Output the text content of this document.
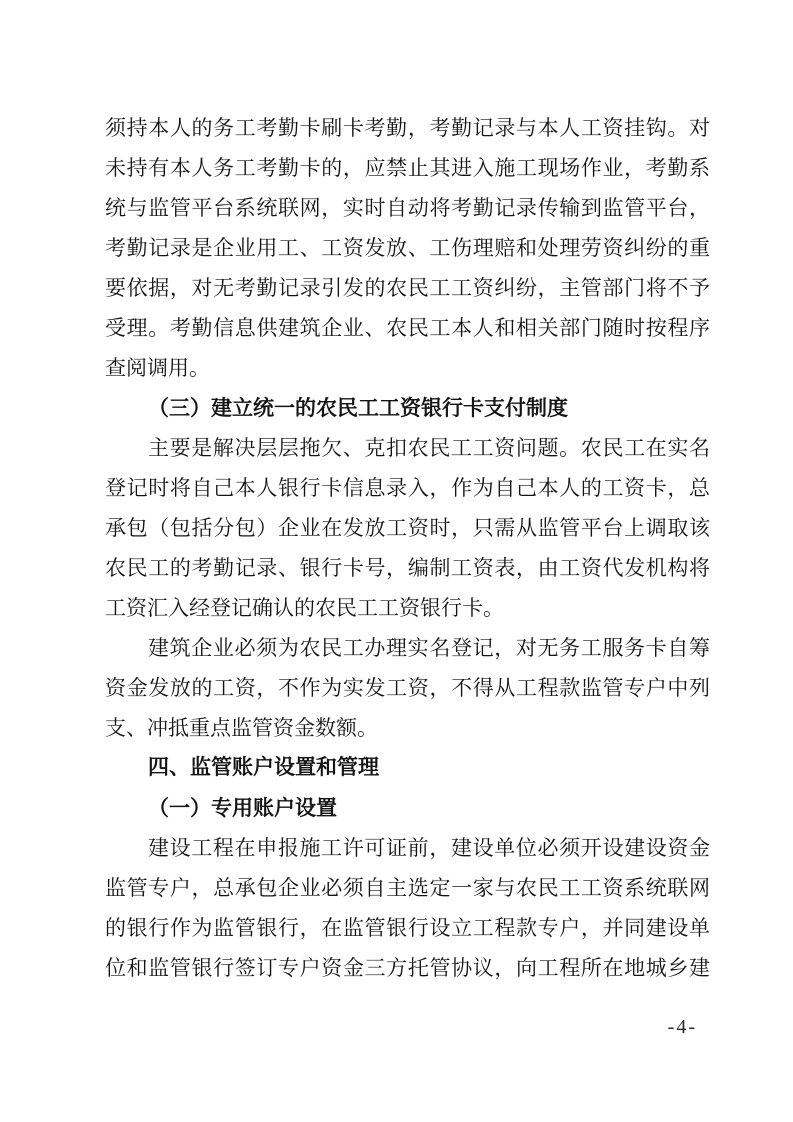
须持本人的务工考勤卡刷卡考勤，考勤记录与本人工资挂钩。对
未持有本人务工考勤卡的，应禁止其进入施工现场作业，考勤系
统与监管平台系统联网，实时自动将考勤记录传输到监管平台，
考勤记录是企业用工、工资发放、工伤理赔和处理劳资纠纷的重
要依据，对无考勤记录引发的农民工工资纠纷，主管部门将不予
受理。考勤信息供建筑企业、农民工本人和相关部门随时按程序
查阅调用。
（三）建立统一的农民工工资银行卡支付制度
主要是解决层层拖欠、克扣农民工工资问题。农民工在实名
登记时将自己本人银行卡信息录入，作为自己本人的工资卡，总
承包（包括分包）企业在发放工资时，只需从监管平台上调取该
农民工的考勤记录、银行卡号，编制工资表，由工资代发机构将
工资汇入经登记确认的农民工工资银行卡。
建筑企业必须为农民工办理实名登记，对无务工服务卡自筹
资金发放的工资，不作为实发工资，不得从工程款监管专户中列
支、冲抵重点监管资金数额。
四、监管账户设置和管理
（一）专用账户设置
建设工程在申报施工许可证前，建设单位必须开设建设资金
监管专户，总承包企业必须自主选定一家与农民工工资系统联网
的银行作为监管银行，在监管银行设立工程款专户，并同建设单
位和监管银行签订专户资金三方托管协议，向工程所在地城乡建
-4-
